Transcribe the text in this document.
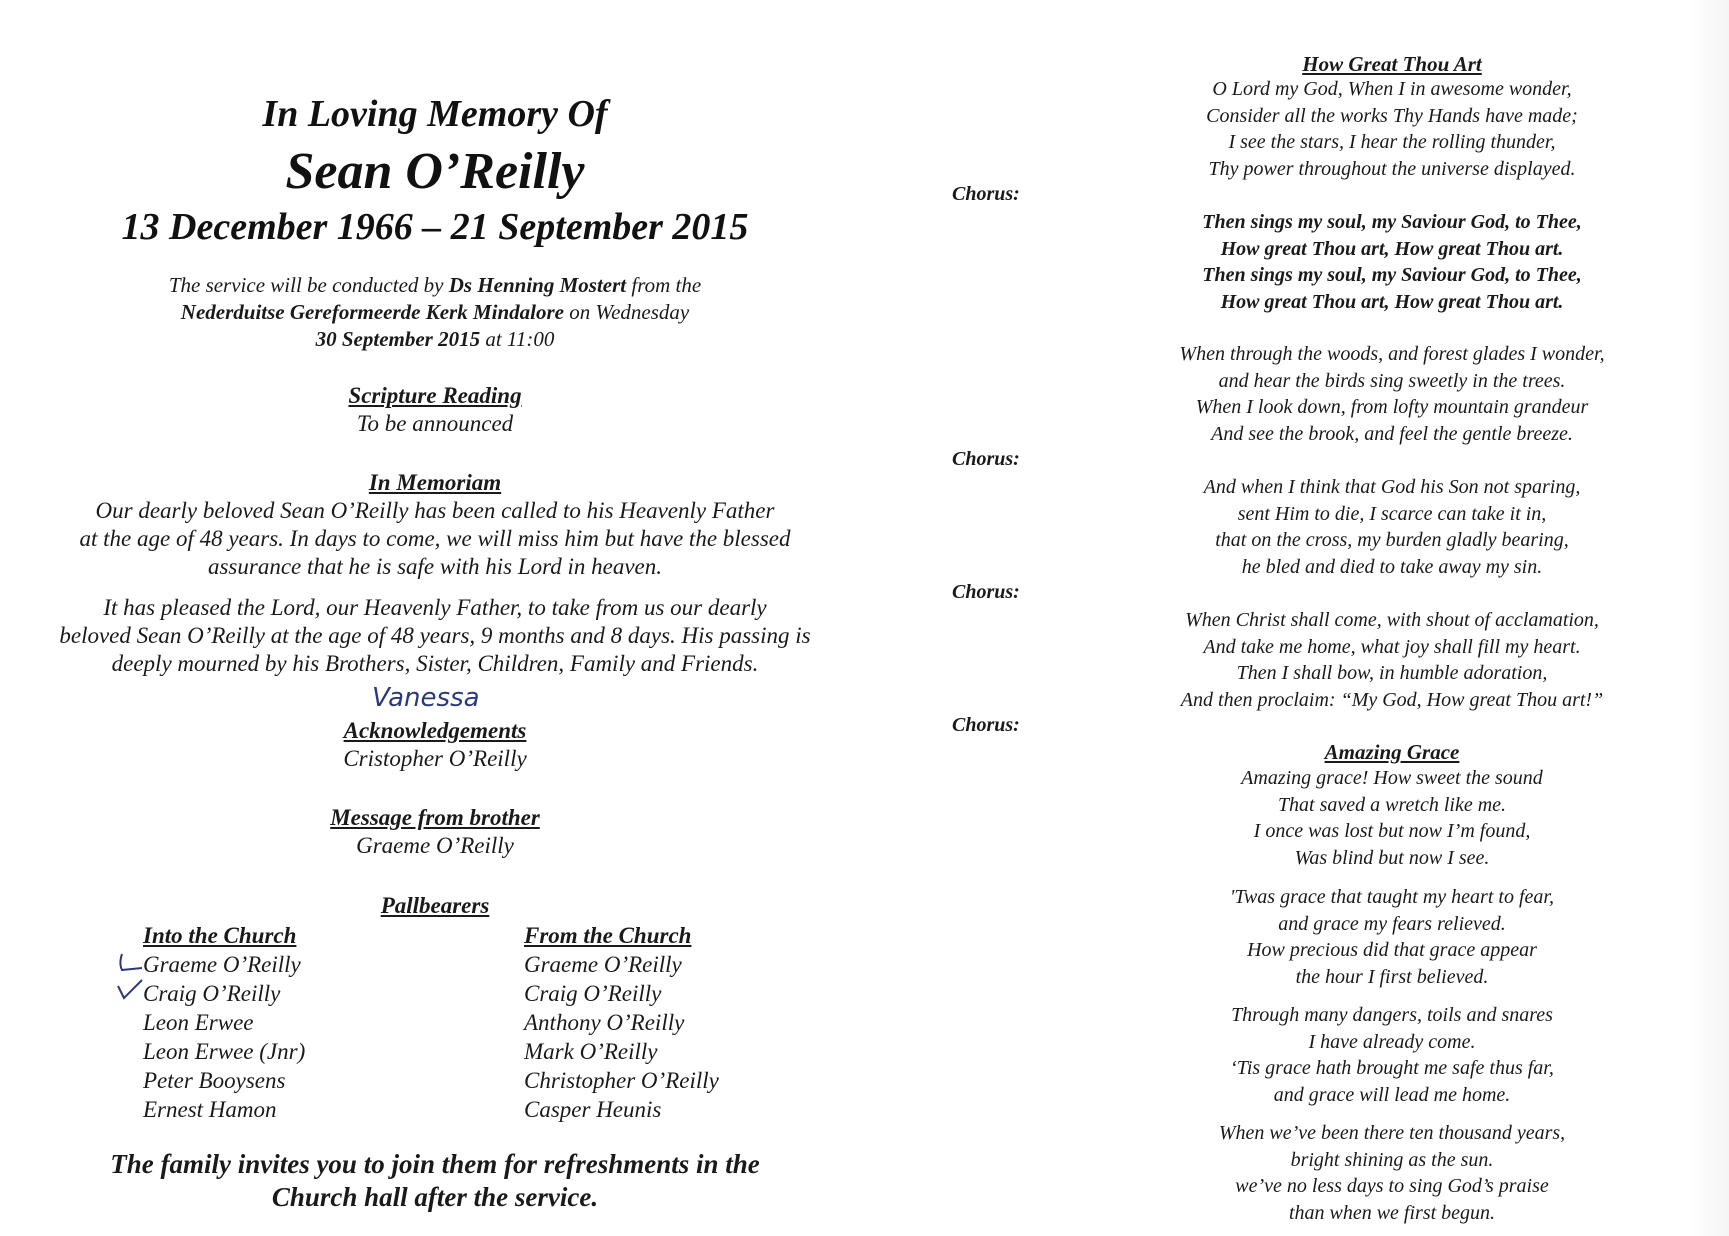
In Loving Memory Of
Sean O’Reilly
13 December 1966 – 21 September 2015
The service will be conducted by Ds Henning Mostert from the
Nederduitse Gereformeerde Kerk Mindalore on Wednesday
30 September 2015 at 11:00
Scripture Reading
To be announced
In Memoriam
Our dearly beloved Sean O’Reilly has been called to his Heavenly Father
at the age of 48 years. In days to come, we will miss him but have the blessed
assurance that he is safe with his Lord in heaven.
It has pleased the Lord, our Heavenly Father, to take from us our dearly
beloved Sean O’Reilly at the age of 48 years, 9 months and 8 days. His passing is
deeply mourned by his Brothers, Sister, Children, Family and Friends.
Vanessa
Acknowledgements
Cristopher O’Reilly
Message from brother
Graeme O’Reilly
Pallbearers
Into the Church
Graeme O’Reilly
Craig O’Reilly
Leon Erwee
Leon Erwee (Jnr)
Peter Booysens
Ernest Hamon
From the Church
Graeme O’Reilly
Craig O’Reilly
Anthony O’Reilly
Mark O’Reilly
Christopher O’Reilly
Casper Heunis
The family invites you to join them for refreshments in the
Church hall after the service.
How Great Thou Art
O Lord my God, When I in awesome wonder,
Consider all the works Thy Hands have made;
I see the stars, I hear the rolling thunder,
Thy power throughout the universe displayed.
Chorus:
Then sings my soul, my Saviour God, to Thee,
How great Thou art, How great Thou art.
Then sings my soul, my Saviour God, to Thee,
How great Thou art, How great Thou art.
When through the woods, and forest glades I wonder,
and hear the birds sing sweetly in the trees.
When I look down, from lofty mountain grandeur
And see the brook, and feel the gentle breeze.
Chorus:
And when I think that God his Son not sparing,
sent Him to die, I scarce can take it in,
that on the cross, my burden gladly bearing,
he bled and died to take away my sin.
Chorus:
When Christ shall come, with shout of acclamation,
And take me home, what joy shall fill my heart.
Then I shall bow, in humble adoration,
And then proclaim: “My God, How great Thou art!”
Chorus:
Amazing Grace
Amazing grace! How sweet the sound
That saved a wretch like me.
I once was lost but now I’m found,
Was blind but now I see.
'Twas grace that taught my heart to fear,
and grace my fears relieved.
How precious did that grace appear
the hour I first believed.
Through many dangers, toils and snares
I have already come.
‘Tis grace hath brought me safe thus far,
and grace will lead me home.
When we’ve been there ten thousand years,
bright shining as the sun.
we’ve no less days to sing God’s praise
than when we first begun.
